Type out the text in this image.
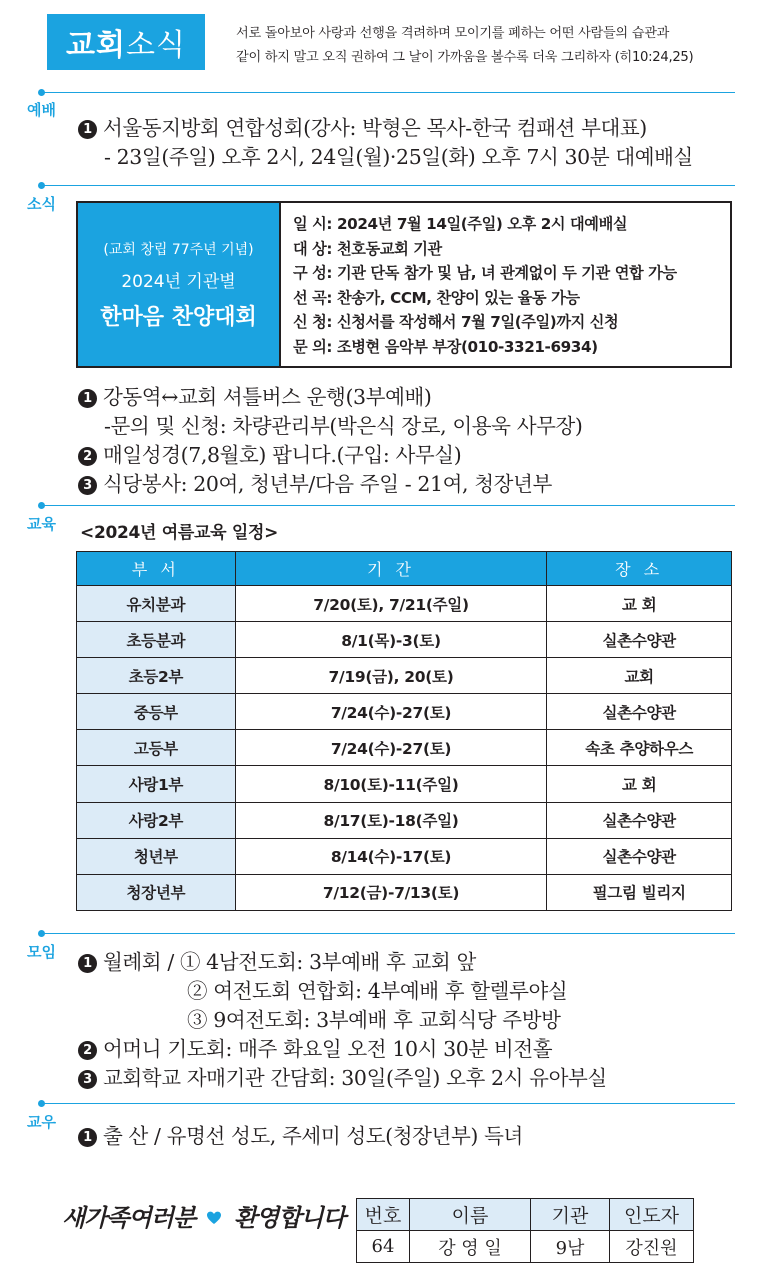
교회 소식	서로 돌아보아 사랑과 선행을 격려하며 모이기를 폐하는 어떤 사람들의 습관과
같이 하지 말고 오직 권하여 그 날이 가까움을 볼수록 더욱 그리하자 (히10:24,25)
예배
1 서울동지방회 연합성회(강사: 박형은 목사-한국 컴패션 부대표)
- 23일(주일) 오후 2시, 24일(월)·25일(화) 오후 7시 30분 대예배실
소식
(교회 창립 77주년 기념)
2024년 기관별
한마음 찬양대회
일 시: 2024년 7월 14일(주일) 오후 2시 대예배실
대 상: 천호동교회 기관
구 성: 기관 단독 참가 및 남, 녀 관계없이 두 기관 연합 가능
선 곡: 찬송가, CCM, 찬양이 있는 율동 가능
신 청: 신청서를 작성해서 7월 7일(주일)까지 신청
문 의: 조병현 음악부 부장(010-3321-6934)
1 강동역↔교회 셔틀버스 운행(3부예배)
-문의 및 신청: 차량관리부(박은식 장로, 이용욱 사무장)
2 매일성경(7,8월호) 팝니다.(구입: 사무실)
3 식당봉사: 20여, 청년부/다음 주일 - 21여, 청장년부
교육 <2024년 여름교육 일정>
부 서	기 간	장 소
유치분과	7/20(토), 7/21(주일)	교 회
초등분과	8/1(목)-3(토)	실촌수양관
초등2부	7/19(금), 20(토)	교회
중등부	7/24(수)-27(토)	실촌수양관
고등부	7/24(수)-27(토)	속초 추양하우스
사랑1부	8/10(토)-11(주일)	교 회
사랑2부	8/17(토)-18(주일)	실촌수양관
청년부	8/14(수)-17(토)	실촌수양관
청장년부	7/12(금)-7/13(토)	필그림 빌리지
모임
1 월례회 / ① 4남전도회: 3부예배 후 교회 앞
② 여전도회 연합회: 4부예배 후 할렐루야실
③ 9여전도회: 3부예배 후 교회식당 주방방
2 어머니 기도회: 매주 화요일 오전 10시 30분 비전홀
3 교회학교 자매기관 간담회: 30일(주일) 오후 2시 유아부실
교우
1 출 산 / 유명선 성도, 주세미 성도(청장년부) 득녀
새가족여러분 환영합니다 번호	이름	기관	인도자
64	강 영 일	9남	강진원
